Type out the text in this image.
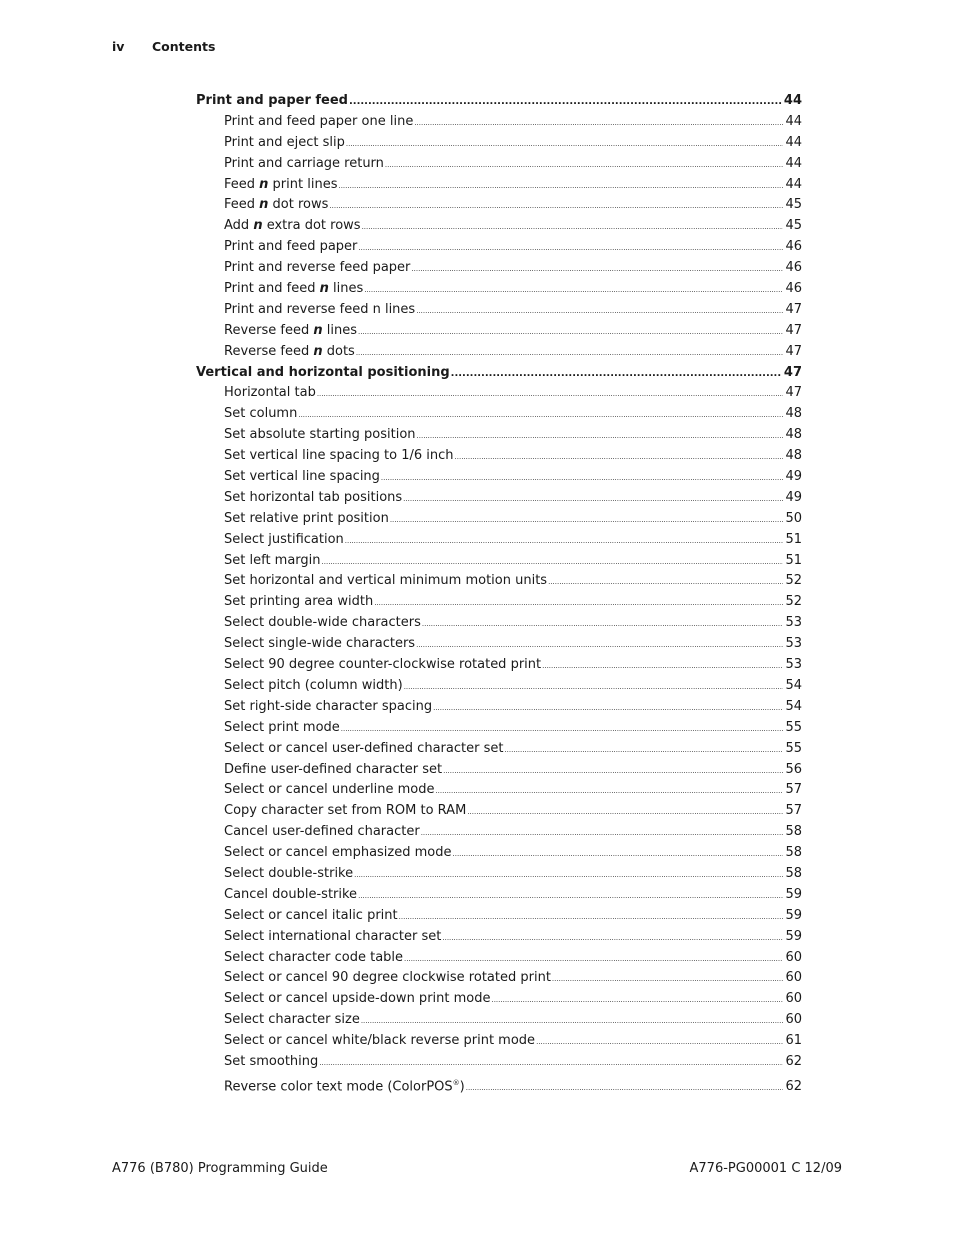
iv Contents
Print and paper feed .....	44
Print and feed paper one line .....	44
Print and eject slip .....	44
Print and carriage return .....	44
Feed n print lines .....	44
Feed n dot rows .....	45
Add n extra dot rows .....	45
Print and feed paper .....	46
Print and reverse feed paper .....	46
Print and feed n lines .....	46
Print and reverse feed n lines .....	47
Reverse feed n lines .....	47
Reverse feed n dots .....	47
Vertical and horizontal positioning .....	47
Horizontal tab .....	47
Set column .....	48
Set absolute starting position .....	48
Set vertical line spacing to 1/6 inch .....	48
Set vertical line spacing .....	49
Set horizontal tab positions .....	49
Set relative print position .....	50
Select justification .....	51
Set left margin .....	51
Set horizontal and vertical minimum motion units .....	52
Set printing area width .....	52
Select double-wide characters .....	53
Select single-wide characters .....	53
Select 90 degree counter-clockwise rotated print .....	53
Select pitch (column width) .....	54
Set right-side character spacing .....	54
Select print mode .....	55
Select or cancel user-defined character set .....	55
Define user-defined character set .....	56
Select or cancel underline mode .....	57
Copy character set from ROM to RAM .....	57
Cancel user-defined character .....	58
Select or cancel emphasized mode .....	58
Select double-strike .....	58
Cancel double-strike .....	59
Select or cancel italic print .....	59
Select international character set .....	59
Select character code table .....	60
Select or cancel 90 degree clockwise rotated print .....	60
Select or cancel upside-down print mode .....	60
Select character size .....	60
Select or cancel white/black reverse print mode .....	61
Set smoothing .....	62
Reverse color text mode (ColorPOS®) .....	62
A776 (B780) Programming Guide	A776-PG00001 C 12/09
